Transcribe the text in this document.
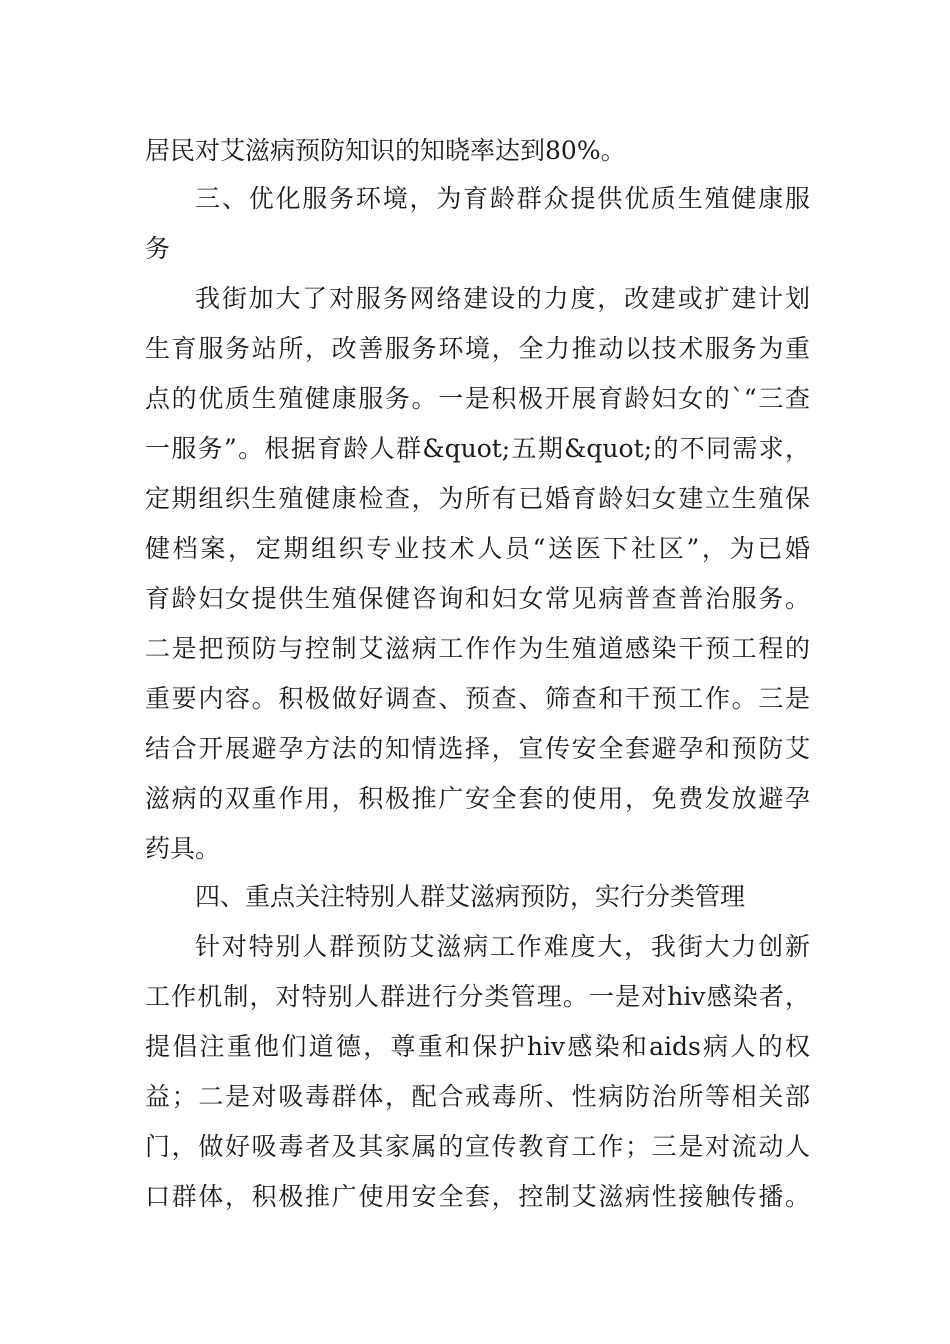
居民对艾滋病预防知识的知晓率达到80%。
三、优化服务环境，为育龄群众提供优质生殖健康服
务
我街加大了对服务网络建设的力度，改建或扩建计划
生育服务站所，改善服务环境，全力推动以技术服务为重
点的优质生殖健康服务。一是积极开展育龄妇女的`“三查
一服务”。根据育龄人群&quot;五期&quot;的不同需求，
定期组织生殖健康检查，为所有已婚育龄妇女建立生殖保
健档案，定期组织专业技术人员“送医下社区”，为已婚
育龄妇女提供生殖保健咨询和妇女常见病普查普治服务。
二是把预防与控制艾滋病工作作为生殖道感染干预工程的
重要内容。积极做好调查、预查、筛查和干预工作。三是
结合开展避孕方法的知情选择，宣传安全套避孕和预防艾
滋病的双重作用，积极推广安全套的使用，免费发放避孕
药具。
四、重点关注特别人群艾滋病预防，实行分类管理
针对特别人群预防艾滋病工作难度大，我街大力创新
工作机制，对特别人群进行分类管理。一是对hiv感染者，
提倡注重他们道德，尊重和保护hiv感染和aids病人的权
益；二是对吸毒群体，配合戒毒所、性病防治所等相关部
门，做好吸毒者及其家属的宣传教育工作；三是对流动人
口群体，积极推广使用安全套，控制艾滋病性接触传播。
